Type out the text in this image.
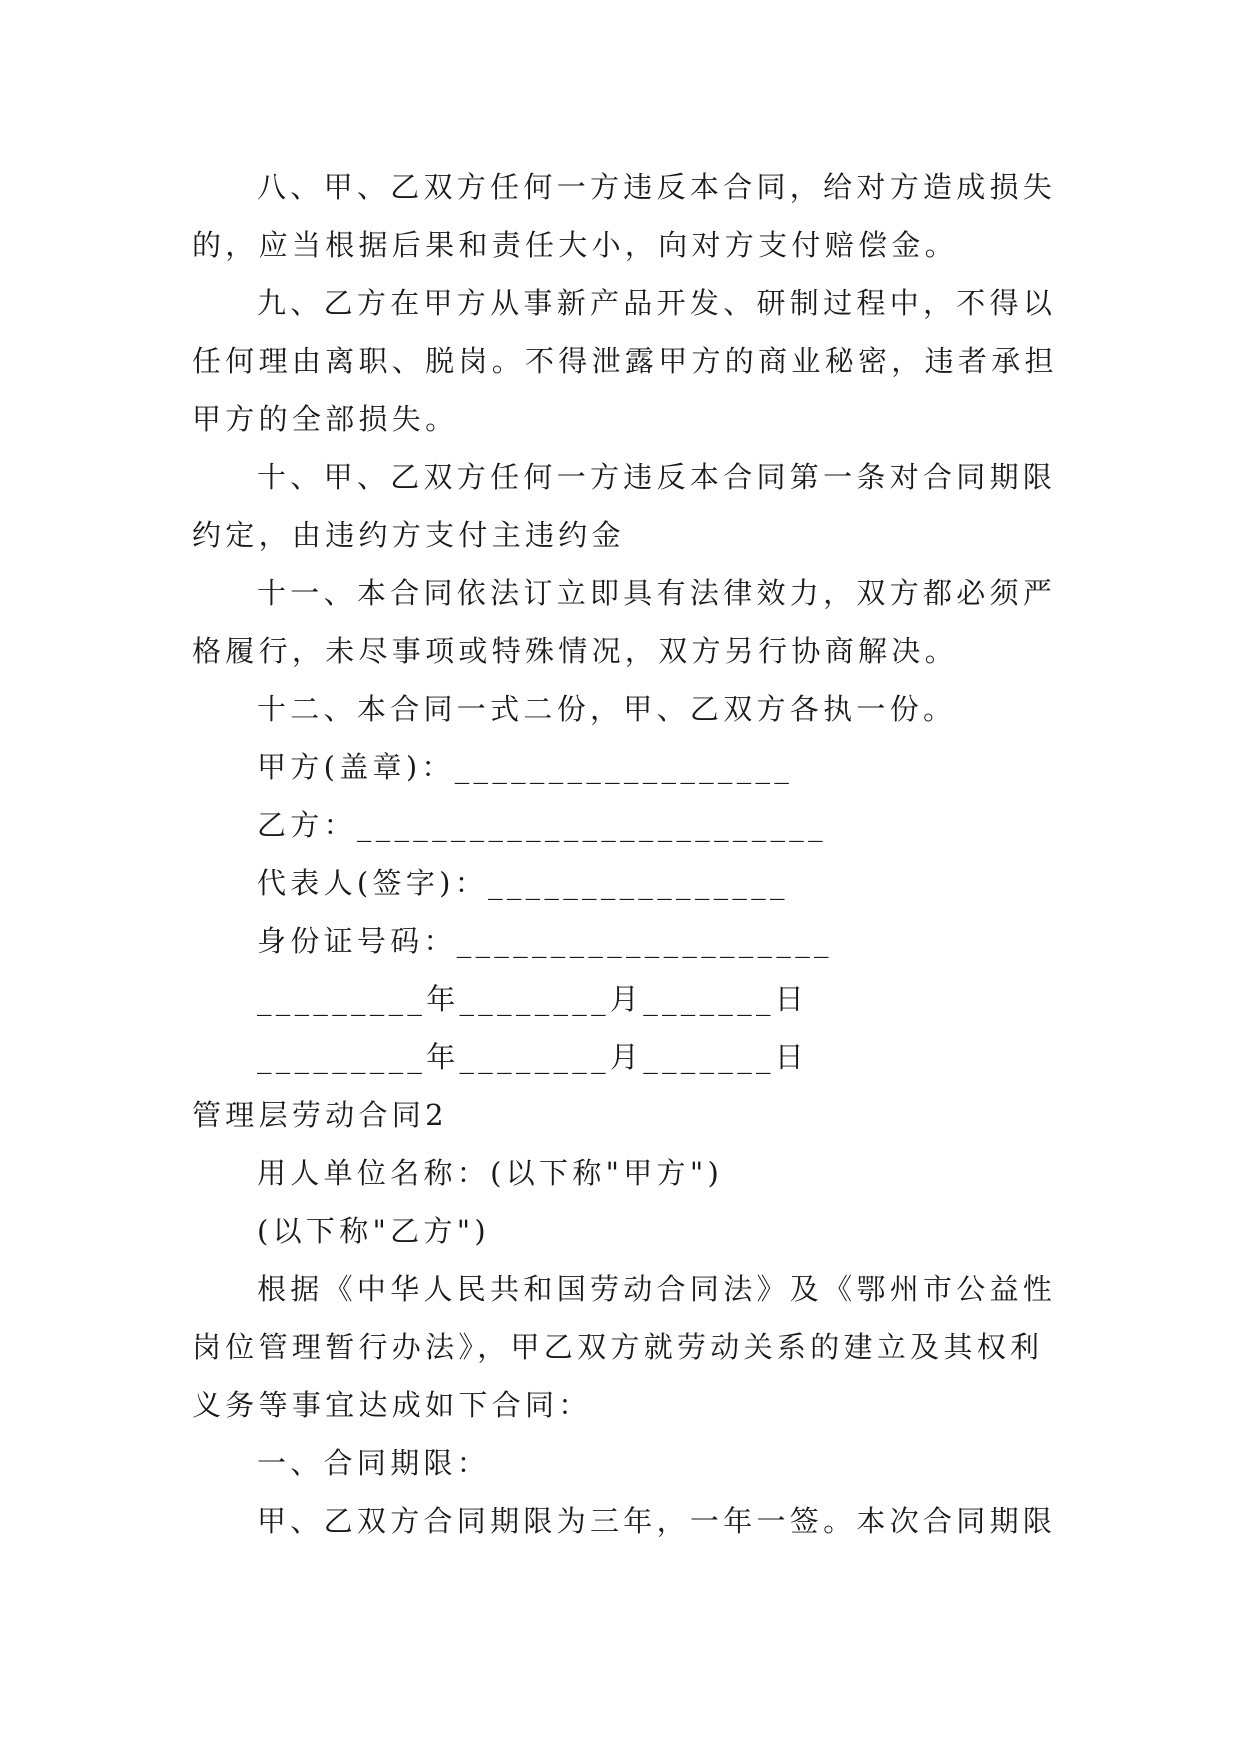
八、甲、乙双方任何一方违反本合同，给对方造成损失
的，应当根据后果和责任大小，向对方支付赔偿金。
九、乙方在甲方从事新产品开发、研制过程中，不得以
任何理由离职、脱岗。不得泄露甲方的商业秘密，违者承担
甲方的全部损失。
十、甲、乙双方任何一方违反本合同第一条对合同期限
约定，由违约方支付主违约金
十一、本合同依法订立即具有法律效力，双方都必须严
格履行，未尽事项或特殊情况，双方另行协商解决。
十二、本合同一式二份，甲、乙双方各执一份。
甲方(盖章)：__________________
乙方：_________________________
代表人(签字)：________________
身份证号码：____________________
_________年________月_______日
_________年________月_______日
管理层劳动合同2
用人单位名称：(以下称"甲方")
(以下称"乙方")
根据《中华人民共和国劳动合同法》及《鄂州市公益性
岗位管理暂行办法》，甲乙双方就劳动关系的建立及其权利
义务等事宜达成如下合同：
一、合同期限：
甲、乙双方合同期限为三年，一年一签。本次合同期限
